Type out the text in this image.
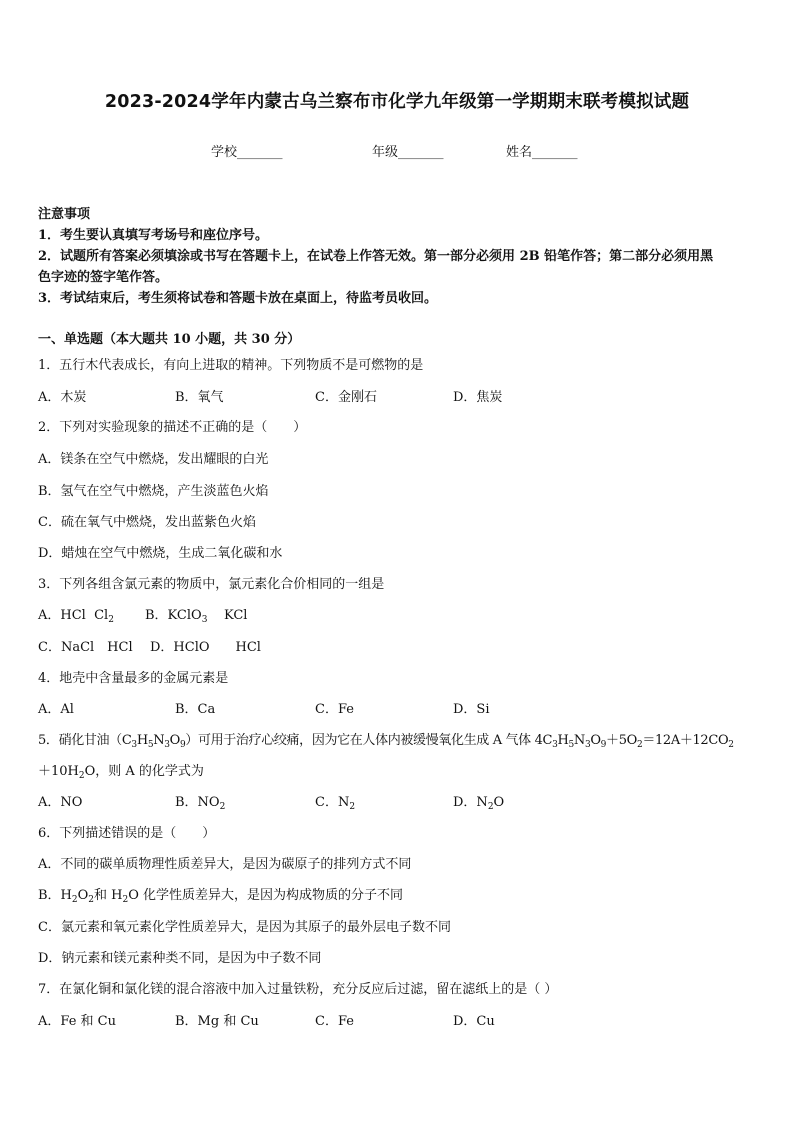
2023-2024学年内蒙古乌兰察布市化学九年级第一学期期末联考模拟试题
学校_______	年级_______	姓名_______
注意事项
1．考生要认真填写考场号和座位序号。
2．试题所有答案必须填涂或书写在答题卡上，在试卷上作答无效。第一部分必须用 2B 铅笔作答；第二部分必须用黑
色字迹的签字笔作答。
3．考试结束后，考生须将试卷和答题卡放在桌面上，待监考员收回。
一、单选题（本大题共 10 小题，共 30 分）
1．五行木代表成长，有向上进取的精神。下列物质不是可燃物的是
A．木炭	B．氧气	C．金刚石	D．焦炭
2．下列对实验现象的描述不正确的是（　　）
A．镁条在空气中燃烧，发出耀眼的白光
B．氢气在空气中燃烧，产生淡蓝色火焰
C．硫在氧气中燃烧，发出蓝紫色火焰
D．蜡烛在空气中燃烧，生成二氧化碳和水
3．下列各组含氯元素的物质中，氯元素化合价相同的一组是
A．HCl $Cl_2$ B．KClO$_3$ KCl
C．NaCl　HCl D．HClO　　HCl
4．地壳中含量最多的金属元素是
A．Al	B．Ca	C．Fe	D．Si
5．硝化甘油$(C_3H_5N_3O_9)$可用于治疗心绞痛，因为它在人体内被缓慢氧化生成 A 气体 $4C_3H_5N_3O_9+5O_2=12A+12CO_2$
$+10H_2O$，则 A 的化学式为
A．NO	B．$NO_2$	C．$N_2$	D．$N_2O$
6．下列描述错误的是（　　）
A．不同的碳单质物理性质差异大，是因为碳原子的排列方式不同
B．$H_2O_2$和 $H_2O$ 化学性质差异大，是因为构成物质的分子不同
C．氯元素和氧元素化学性质差异大，是因为其原子的最外层电子数不同
D．钠元素和镁元素种类不同，是因为中子数不同
7．在氯化铜和氯化镁的混合溶液中加入过量铁粉，充分反应后过滤，留在滤纸上的是（ ）
A．Fe 和 Cu	B．Mg 和 Cu	C．Fe	D．Cu
